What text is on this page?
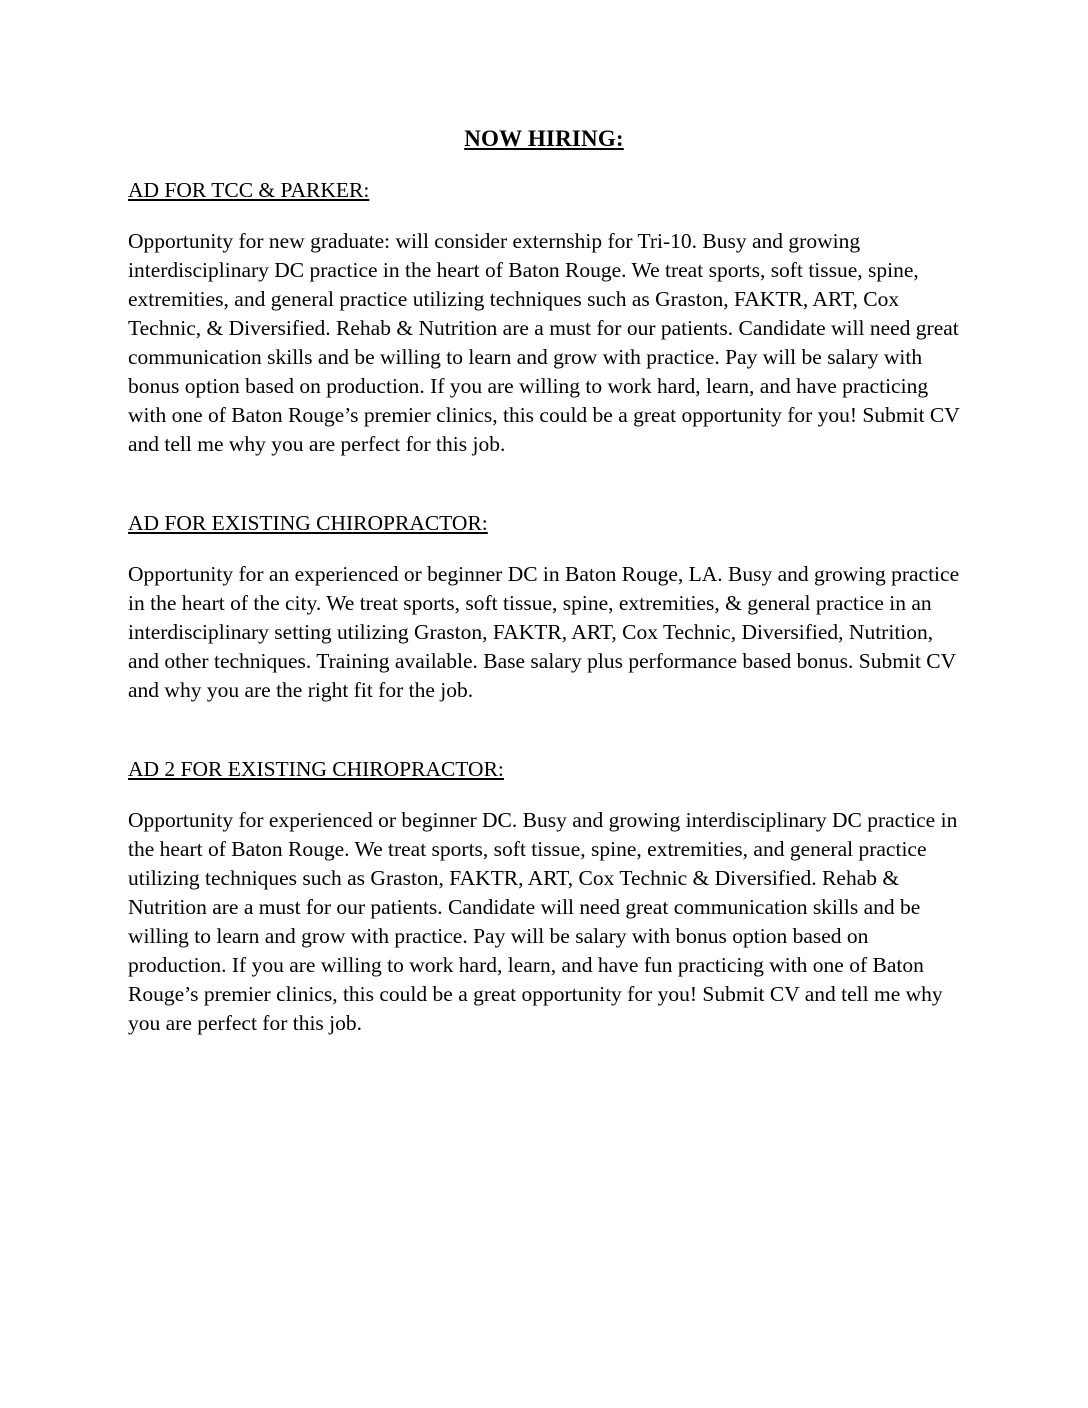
NOW HIRING:
AD FOR TCC & PARKER:

Opportunity for new graduate: will consider externship for Tri-10. Busy and growing interdisciplinary DC practice in the heart of Baton Rouge. We treat sports, soft tissue, spine, extremities, and general practice utilizing techniques such as Graston, FAKTR, ART, Cox Technic, & Diversified. Rehab & Nutrition are a must for our patients. Candidate will need great communication skills and be willing to learn and grow with practice. Pay will be salary with bonus option based on production. If you are willing to work hard, learn, and have practicing with one of Baton Rouge’s premier clinics, this could be a great opportunity for you! Submit CV and tell me why you are perfect for this job.

AD FOR EXISTING CHIROPRACTOR:

Opportunity for an experienced or beginner DC in Baton Rouge, LA. Busy and growing practice in the heart of the city. We treat sports, soft tissue, spine, extremities, & general practice in an interdisciplinary setting utilizing Graston, FAKTR, ART, Cox Technic, Diversified, Nutrition, and other techniques. Training available. Base salary plus performance based bonus. Submit CV and why you are the right fit for the job.

AD 2 FOR EXISTING CHIROPRACTOR:

Opportunity for experienced or beginner DC. Busy and growing interdisciplinary DC practice in the heart of Baton Rouge. We treat sports, soft tissue, spine, extremities, and general practice utilizing techniques such as Graston, FAKTR, ART, Cox Technic & Diversified. Rehab & Nutrition are a must for our patients. Candidate will need great communication skills and be willing to learn and grow with practice. Pay will be salary with bonus option based on production. If you are willing to work hard, learn, and have fun practicing with one of Baton Rouge’s premier clinics, this could be a great opportunity for you! Submit CV and tell me why you are perfect for this job.
